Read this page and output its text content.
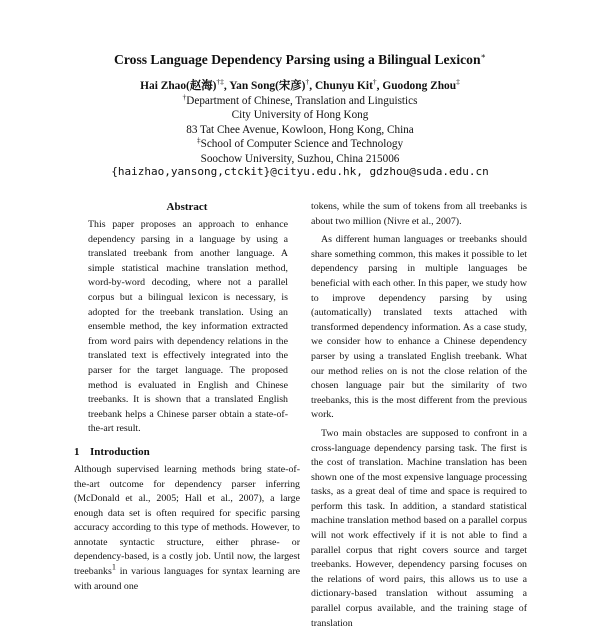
Cross Language Dependency Parsing using a Bilingual Lexicon∗
Hai Zhao(赵海)†‡, Yan Song(宋彦)†, Chunyu Kit†, Guodong Zhou‡
†Department of Chinese, Translation and Linguistics
City University of Hong Kong
83 Tat Chee Avenue, Kowloon, Hong Kong, China
‡School of Computer Science and Technology
Soochow University, Suzhou, China 215006
{haizhao,yansong,ctckit}@cityu.edu.hk, gdzhou@suda.edu.cn
Abstract

This paper proposes an approach to enhance dependency parsing in a language by using a translated treebank from another language. A simple statistical machine translation method, word-by-word decoding, where not a parallel corpus but a bilingual lexicon is necessary, is adopted for the treebank translation. Using an ensemble method, the key information extracted from word pairs with dependency relations in the translated text is effectively integrated into the parser for the target language. The proposed method is evaluated in English and Chinese treebanks. It is shown that a translated English treebank helps a Chinese parser obtain a state-of-the-art result.

1 Introduction

Although supervised learning methods bring state-of-the-art outcome for dependency parser inferring (McDonald et al., 2005; Hall et al., 2007), a large enough data set is often required for specific parsing accuracy according to this type of methods. However, to annotate syntactic structure, either phrase- or dependency-based, is a costly job. Until now, the largest treebanks$^1$ in various languages for syntax learning are with around one

tokens, while the sum of tokens from all treebanks is about two million (Nivre et al., 2007).

As different human languages or treebanks should share something common, this makes it possible to let dependency parsing in multiple languages be beneficial with each other. In this paper, we study how to improve dependency parsing by using (automatically) translated texts attached with transformed dependency information. As a case study, we consider how to enhance a Chinese dependency parser by using a translated English treebank. What our method relies on is not the close relation of the chosen language pair but the similarity of two treebanks, this is the most different from the previous work.

Two main obstacles are supposed to confront in a cross-language dependency parsing task. The first is the cost of translation. Machine translation has been shown one of the most expensive language processing tasks, as a great deal of time and space is required to perform this task. In addition, a standard statistical machine translation method based on a parallel corpus will not work effectively if it is not able to find a parallel corpus that right covers source and target treebanks. However, dependency parsing focuses on the relations of word pairs, this allows us to use a dictionary-based translation without assuming a parallel corpus available, and the training stage of translation
